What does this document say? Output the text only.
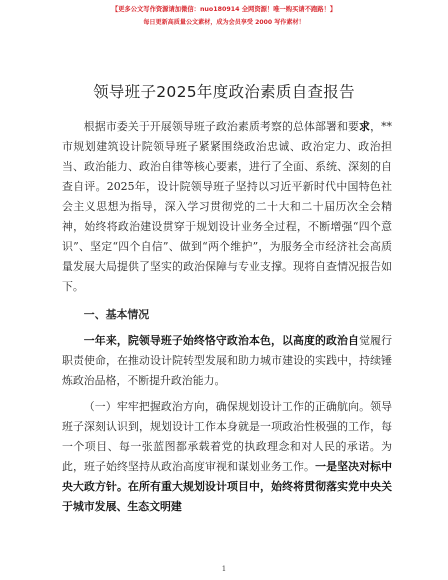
【更多公文写作资源请加微信：nuo180914 全网资源！唯一购买请不跑路！】
每日更新高质量公文素材，成为会员享受 2000 写作素材！
领导班子2025年度政治素质自查报告

根据市委关于开展领导班子政治素质考察的总体部署和要求，**市规划建筑设计院领导班子紧紧围绕政治忠诚、政治定力、政治担当、政治能力、政治自律等核心要素，进行了全面、系统、深刻的自查自评。2025年，设计院领导班子坚持以习近平新时代中国特色社会主义思想为指导，深入学习贯彻党的二十大和二十届历次全会精神，始终将政治建设贯穿于规划设计业务全过程，不断增强“四个意识”、坚定“四个自信”、做到“两个维护”，为服务全市经济社会高质量发展大局提供了坚实的政治保障与专业支撑。现将自查情况报告如下。

一、基本情况

一年来，院领导班子始终恪守政治本色，以高度的政治自觉履行职责使命，在推动设计院转型发展和助力城市建设的实践中，持续锤炼政治品格，不断提升政治能力。

（一）牢牢把握政治方向，确保规划设计工作的正确航向。领导班子深刻认识到，规划设计工作本身就是一项政治性极强的工作，每一个项目、每一张蓝图都承载着党的执政理念和对人民的承诺。为此，班子始终坚持从政治高度审视和谋划业务工作。一是坚决对标中央大政方针。在所有重大规划设计项目中，始终将贯彻落实党中央关于城市发展、生态文明建

1
